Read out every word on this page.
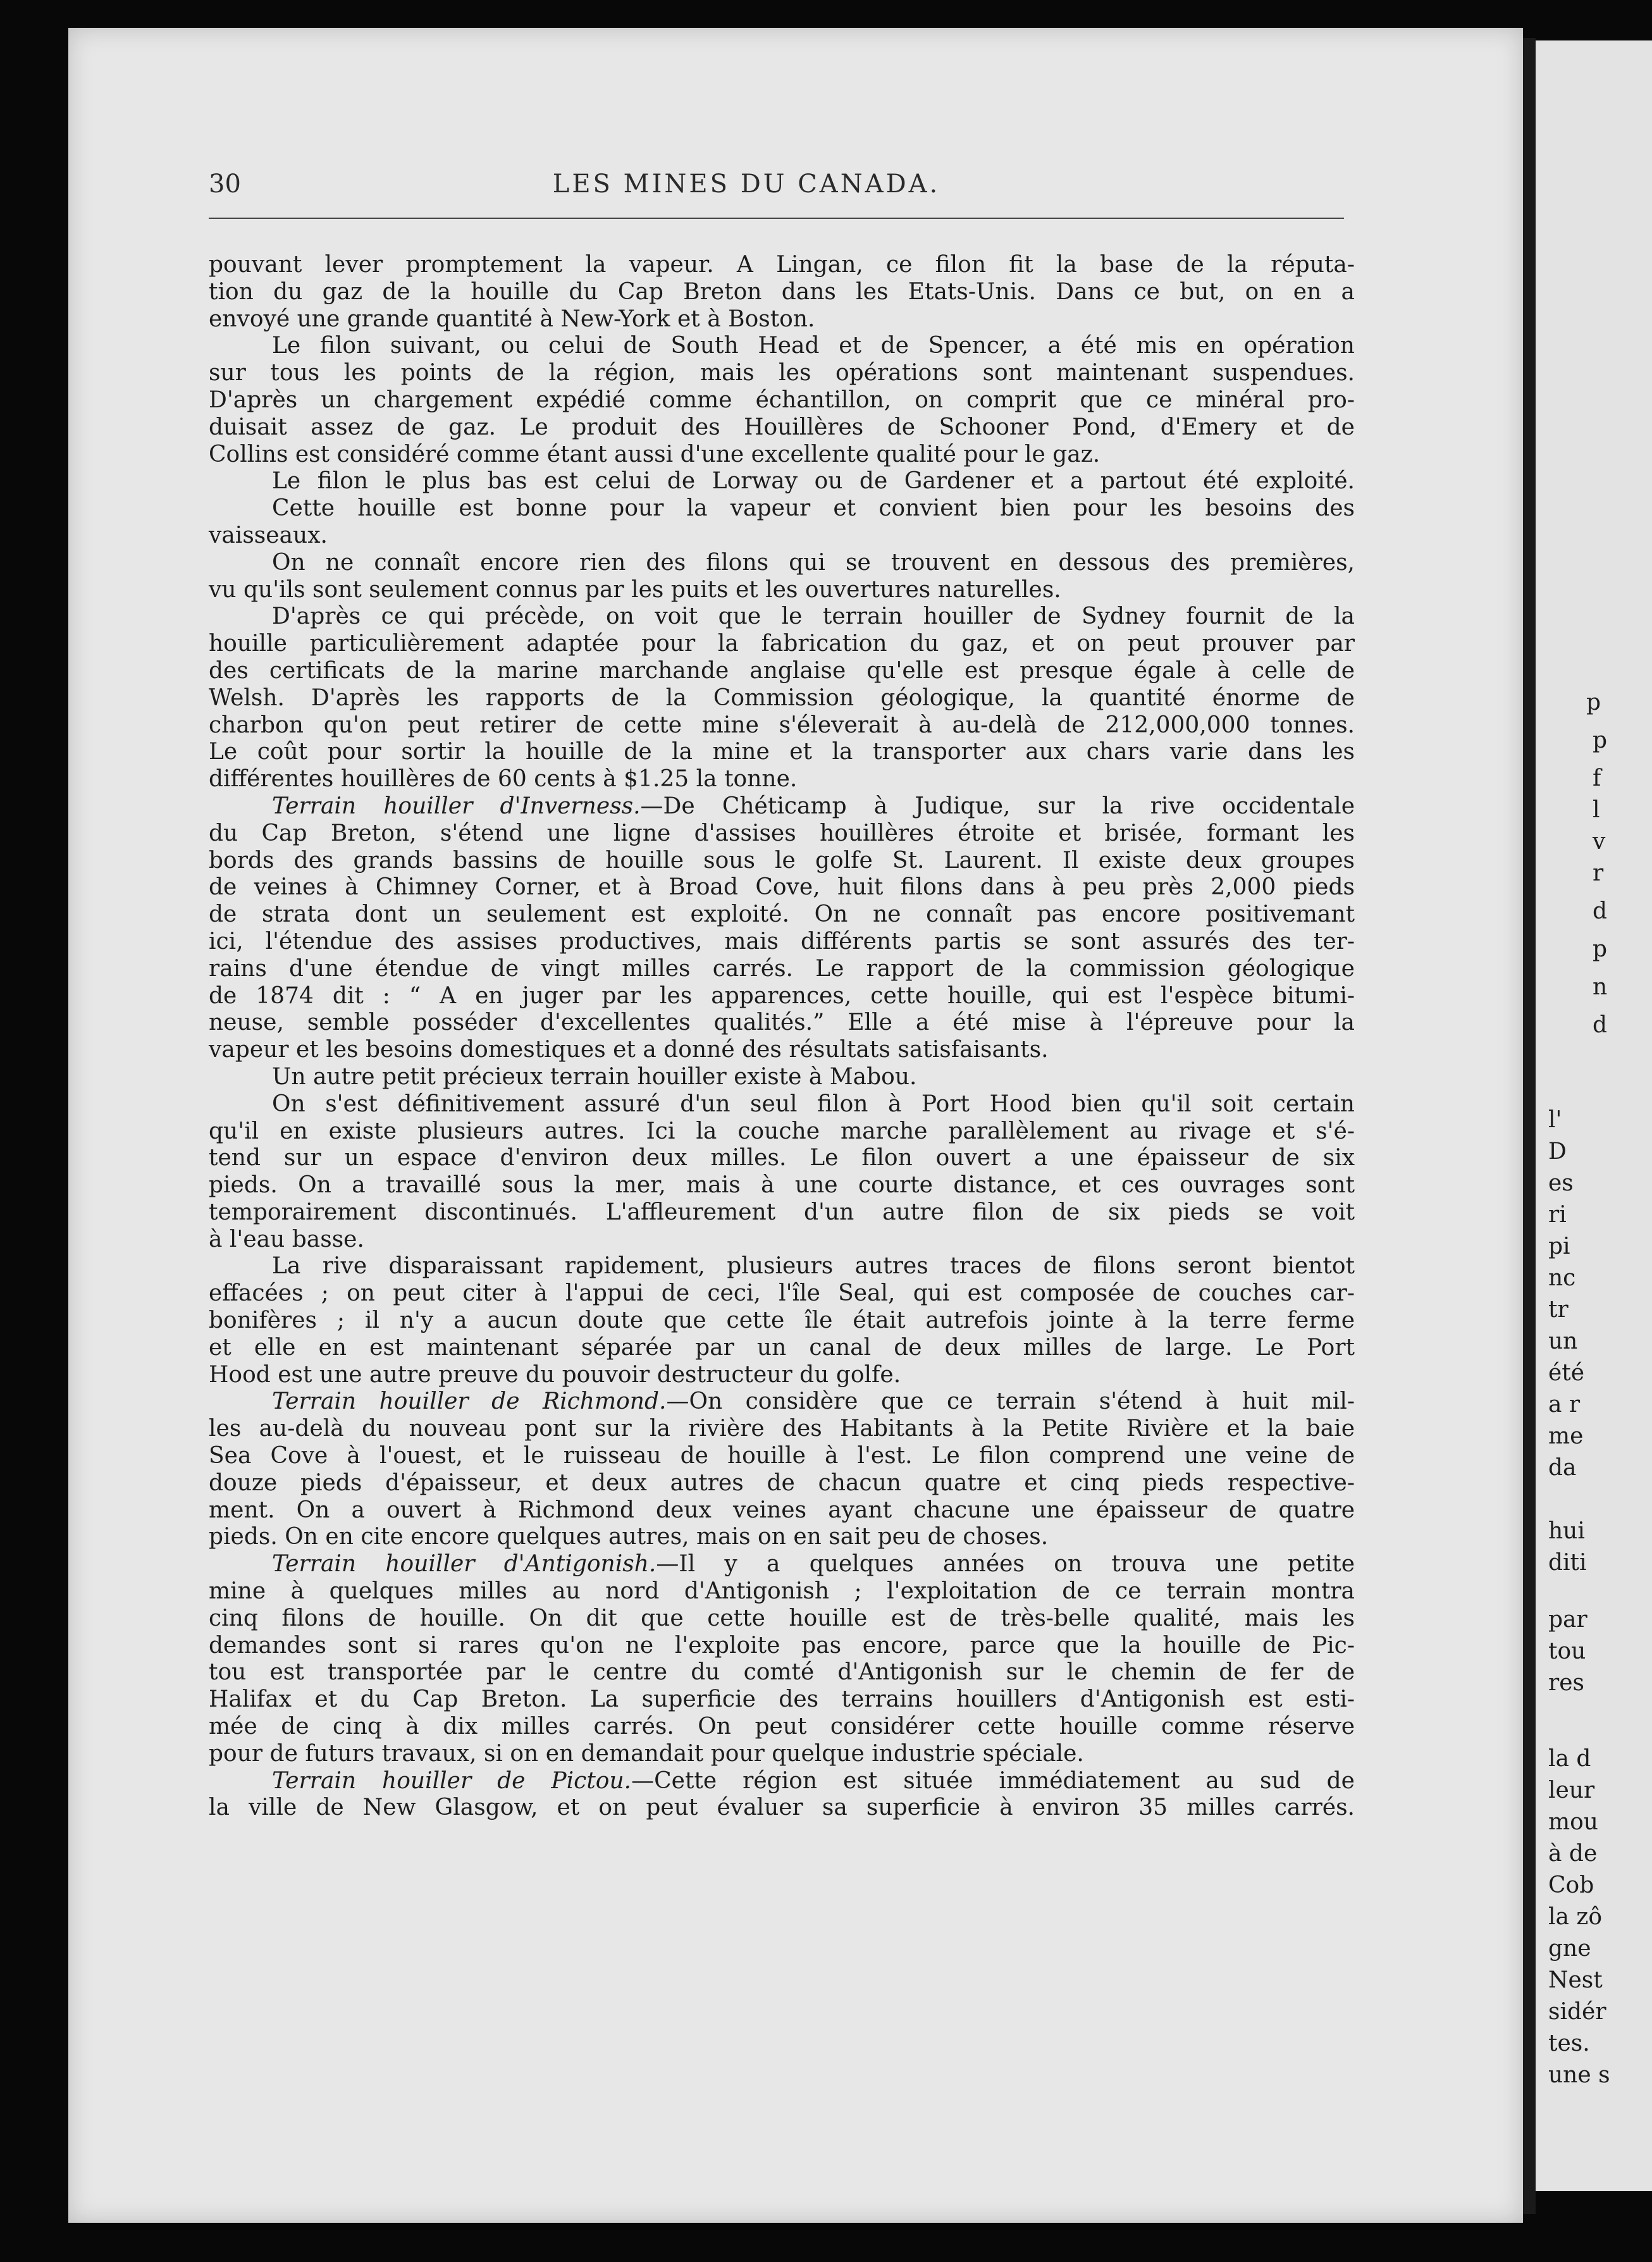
p
p
f
l
v
r
d
p
n
d
l'
D
es
ri
pi
nc
tr
un
été
a r
me
da
hui
diti
par
tou
res
la d
leur
mou
à de
Cob
la zô
gne
Nest
sidér
tes.
une s
30	LES MINES DU CANADA.
pouvant lever promptement la vapeur. A Lingan, ce filon fit la base de la réputa-
tion du gaz de la houille du Cap Breton dans les Etats-Unis. Dans ce but, on en a
envoyé une grande quantité à New-York et à Boston.
Le filon suivant, ou celui de South Head et de Spencer, a été mis en opération
sur tous les points de la région, mais les opérations sont maintenant suspendues.
D'après un chargement expédié comme échantillon, on comprit que ce minéral pro-
duisait assez de gaz. Le produit des Houillères de Schooner Pond, d'Emery et de
Collins est considéré comme étant aussi d'une excellente qualité pour le gaz.
Le filon le plus bas est celui de Lorway ou de Gardener et a partout été exploité.
Cette houille est bonne pour la vapeur et convient bien pour les besoins des
vaisseaux.
On ne connaît encore rien des filons qui se trouvent en dessous des premières,
vu qu'ils sont seulement connus par les puits et les ouvertures naturelles.
D'après ce qui précède, on voit que le terrain houiller de Sydney fournit de la
houille particulièrement adaptée pour la fabrication du gaz, et on peut prouver par
des certificats de la marine marchande anglaise qu'elle est presque égale à celle de
Welsh. D'après les rapports de la Commission géologique, la quantité énorme de
charbon qu'on peut retirer de cette mine s'éleverait à au-delà de 212,000,000 tonnes.
Le coût pour sortir la houille de la mine et la transporter aux chars varie dans les
différentes houillères de 60 cents à $1.25 la tonne.
Terrain houiller d'Inverness.—De Chéticamp à Judique, sur la rive occidentale
du Cap Breton, s'étend une ligne d'assises houillères étroite et brisée, formant les
bords des grands bassins de houille sous le golfe St. Laurent. Il existe deux groupes
de veines à Chimney Corner, et à Broad Cove, huit filons dans à peu près 2,000 pieds
de strata dont un seulement est exploité. On ne connaît pas encore positivemant
ici, l'étendue des assises productives, mais différents partis se sont assurés des ter-
rains d'une étendue de vingt milles carrés. Le rapport de la commission géologique
de 1874 dit : “ A en juger par les apparences, cette houille, qui est l'espèce bitumi-
neuse, semble posséder d'excellentes qualités.” Elle a été mise à l'épreuve pour la
vapeur et les besoins domestiques et a donné des résultats satisfaisants.
Un autre petit précieux terrain houiller existe à Mabou.
On s'est définitivement assuré d'un seul filon à Port Hood bien qu'il soit certain
qu'il en existe plusieurs autres. Ici la couche marche parallèlement au rivage et s'é-
tend sur un espace d'environ deux milles. Le filon ouvert a une épaisseur de six
pieds. On a travaillé sous la mer, mais à une courte distance, et ces ouvrages sont
temporairement discontinués. L'affleurement d'un autre filon de six pieds se voit
à l'eau basse.
La rive disparaissant rapidement, plusieurs autres traces de filons seront bientot
effacées ; on peut citer à l'appui de ceci, l'île Seal, qui est composée de couches car-
bonifères ; il n'y a aucun doute que cette île était autrefois jointe à la terre ferme
et elle en est maintenant séparée par un canal de deux milles de large. Le Port
Hood est une autre preuve du pouvoir destructeur du golfe.
Terrain houiller de Richmond.—On considère que ce terrain s'étend à huit mil-
les au-delà du nouveau pont sur la rivière des Habitants à la Petite Rivière et la baie
Sea Cove à l'ouest, et le ruisseau de houille à l'est. Le filon comprend une veine de
douze pieds d'épaisseur, et deux autres de chacun quatre et cinq pieds respective-
ment. On a ouvert à Richmond deux veines ayant chacune une épaisseur de quatre
pieds. On en cite encore quelques autres, mais on en sait peu de choses.
Terrain houiller d'Antigonish.—Il y a quelques années on trouva une petite
mine à quelques milles au nord d'Antigonish ; l'exploitation de ce terrain montra
cinq filons de houille. On dit que cette houille est de très-belle qualité, mais les
demandes sont si rares qu'on ne l'exploite pas encore, parce que la houille de Pic-
tou est transportée par le centre du comté d'Antigonish sur le chemin de fer de
Halifax et du Cap Breton. La superficie des terrains houillers d'Antigonish est esti-
mée de cinq à dix milles carrés. On peut considérer cette houille comme réserve
pour de futurs travaux, si on en demandait pour quelque industrie spéciale.
Terrain houiller de Pictou.—Cette région est située immédiatement au sud de
la ville de New Glasgow, et on peut évaluer sa superficie à environ 35 milles carrés.
